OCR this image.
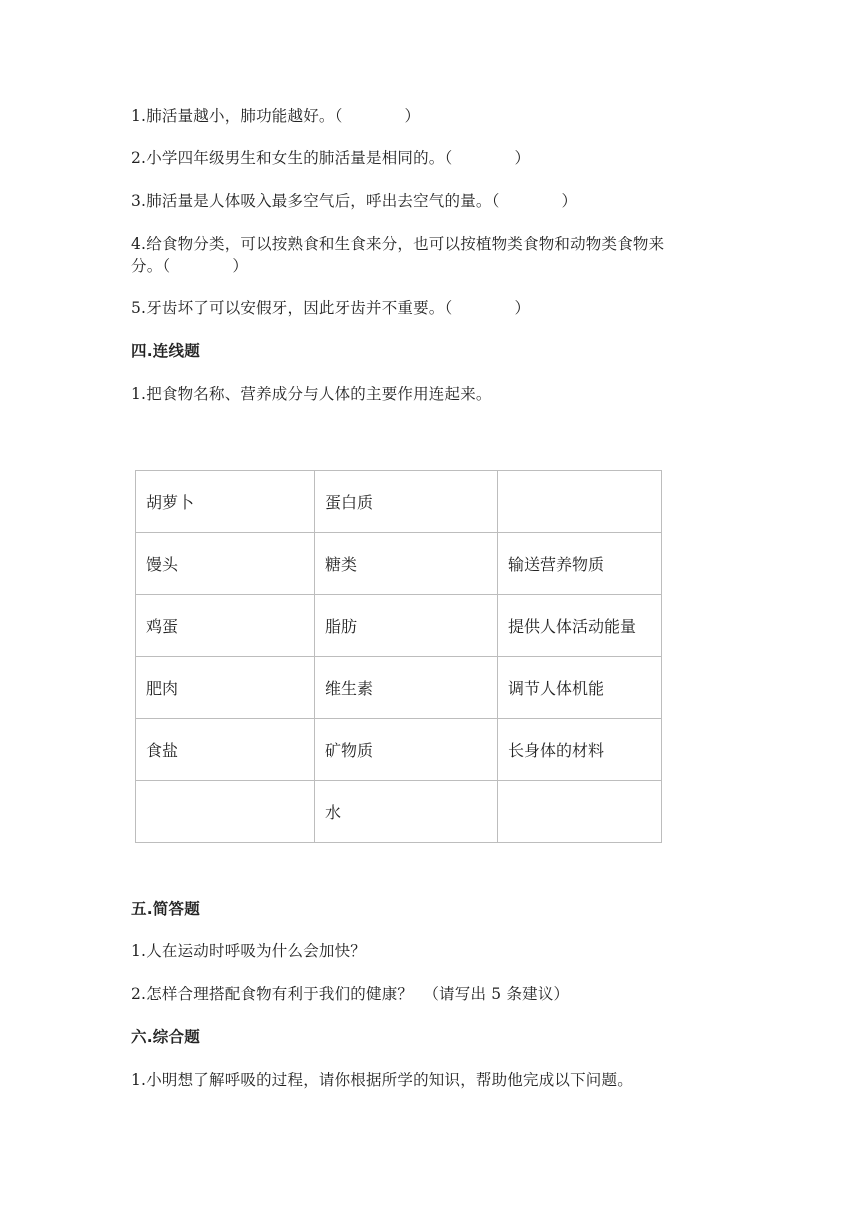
1.肺活量越小，肺功能越好。（	）
2.小学四年级男生和女生的肺活量是相同的。（	）
3.肺活量是人体吸入最多空气后，呼出去空气的量。（	）
4.给食物分类，可以按熟食和生食来分，也可以按植物类食物和动物类食物来
分。（	）
5.牙齿坏了可以安假牙，因此牙齿并不重要。（	）
四.连线题
1.把食物名称、营养成分与人体的主要作用连起来。
胡萝卜	蛋白质	
馒头	糖类	输送营养物质
鸡蛋	脂肪	提供人体活动能量
肥肉	维生素	调节人体机能
食盐	矿物质	长身体的材料
	水	
五.简答题
1.人在运动时呼吸为什么会加快？
2.怎样合理搭配食物有利于我们的健康？  （请写出 5 条建议）
六.综合题
1.小明想了解呼吸的过程，请你根据所学的知识，帮助他完成以下问题。
